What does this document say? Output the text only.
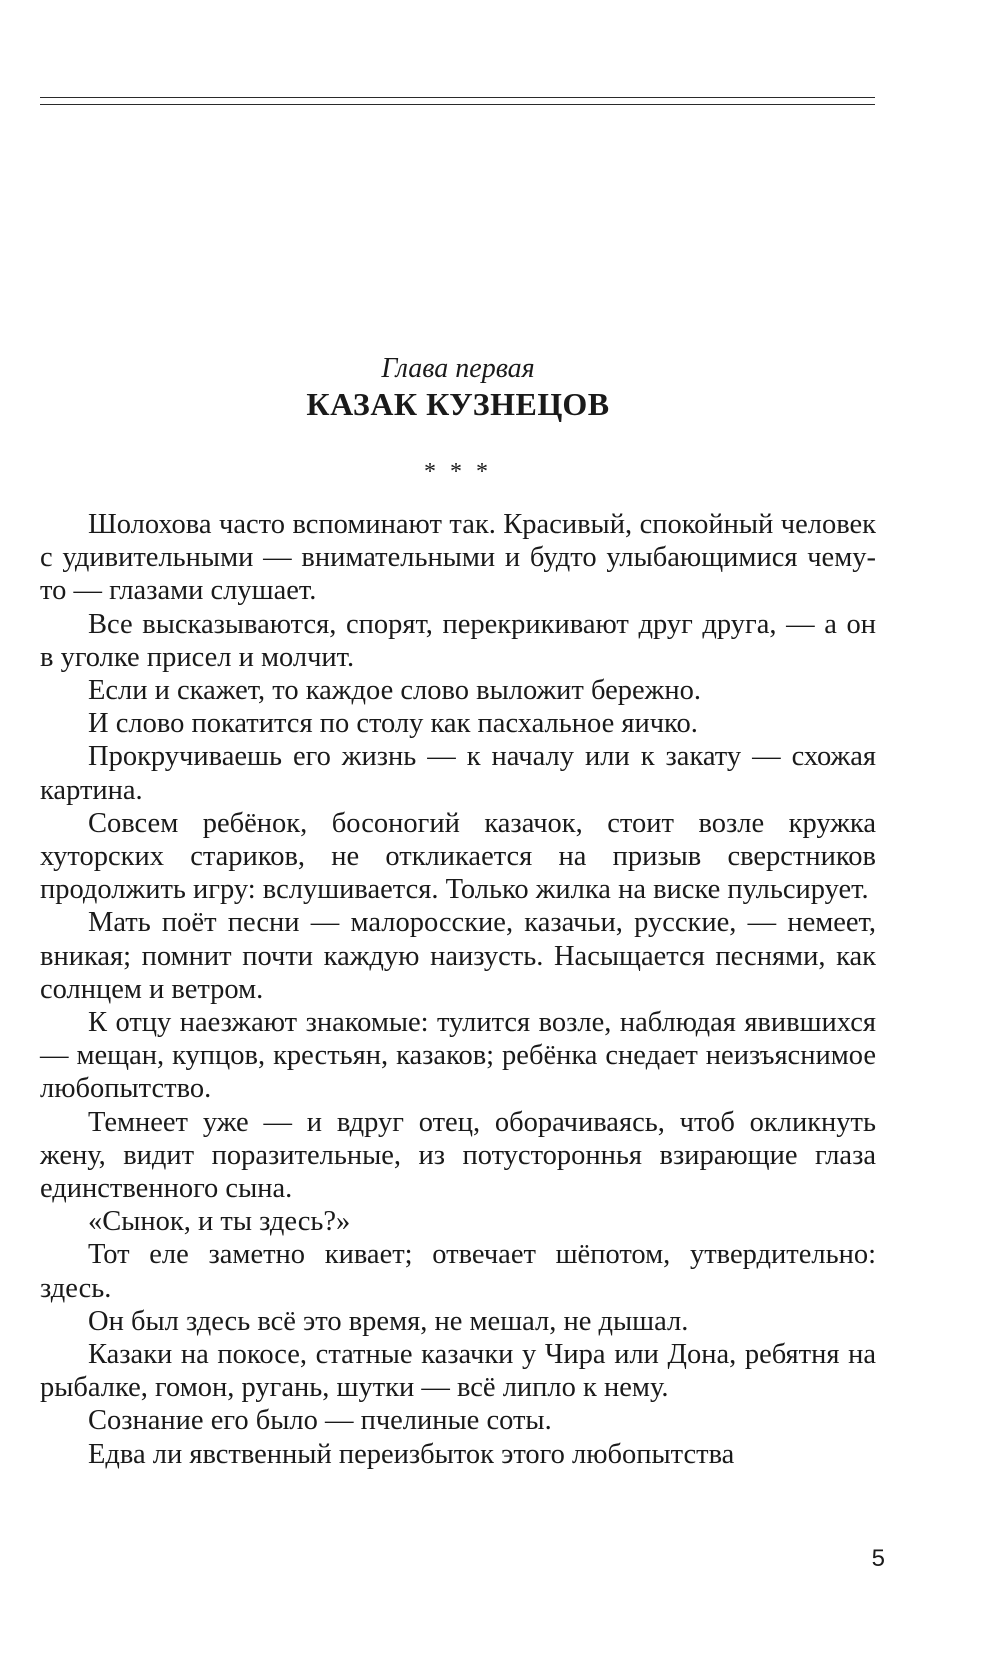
Глава первая
КАЗАК КУЗНЕЦОВ
* * *

Шолохова часто вспоминают так. Красивый, спокойный человек с удивительными — внимательными и будто улыбающимися чему-то — глазами слушает.

Все высказываются, спорят, перекрикивают друг друга, — а он в уголке присел и молчит.

Если и скажет, то каждое слово выложит бережно.

И слово покатится по столу как пасхальное яичко.

Прокручиваешь его жизнь — к началу или к закату — схожая картина.

Совсем ребёнок, босоногий казачок, стоит возле кружка хуторских стариков, не откликается на призыв сверстников продолжить игру: вслушивается. Только жилка на виске пульсирует.

Мать поёт песни — малоросские, казачьи, русские, — немеет, вникая; помнит почти каждую наизусть. Насыщается песнями, как солнцем и ветром.

К отцу наезжают знакомые: тулится возле, наблюдая явившихся — мещан, купцов, крестьян, казаков; ребёнка снедает неизъяснимое любопытство.

Темнеет уже — и вдруг отец, оборачиваясь, чтоб окликнуть жену, видит поразительные, из потустороннья взирающие глаза единственного сына.

«Сынок, и ты здесь?»

Тот еле заметно кивает; отвечает шёпотом, утвердительно: здесь.

Он был здесь всё это время, не мешал, не дышал.

Казаки на покосе, статные казачки у Чира или Дона, ребятня на рыбалке, гомон, ругань, шутки — всё липло к нему.

Сознание его было — пчелиные соты.

Едва ли явственный переизбыток этого любопытства

5
